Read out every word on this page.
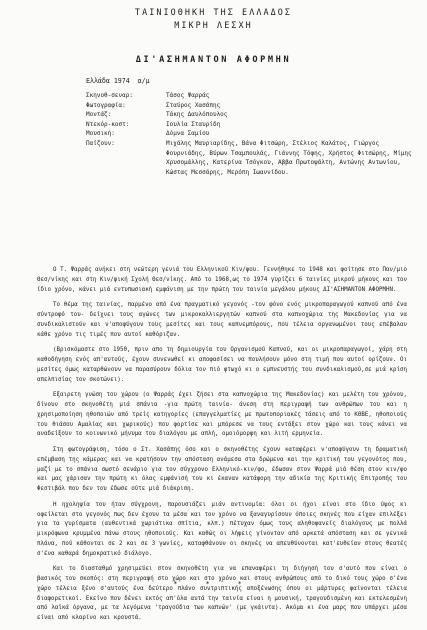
ΤΑΙΝΙΟΘΗΚΗ ΤΗΣ ΕΛΛΑΔΟΣ
ΜΙΚΡΗ ΛΕΣΧΗ
ΔΙ'ΑΣΗΜΑΝΤΟΝ ΑΦΟΡΜΗΝ
Ελλάδα 1974 α/μ
Σκηνοθ-σεναρ:	Τάσος Ψαρράς
Φωτογραφία:	Σταύρος Χασάπης
Μοντάζ:	Τάκης Δαυλόπουλος
Ντεκόρ-κοστ:	Ιουλία Σταυρίδη
Μουσική:	Δόμνα Σαμίου
Παίζουν:	Μιχάλης Μαυριαρίδης, Βάνα Φιτσώρη, Στέλιος Καλάτος, Γιώργος Φουρνιάδης, Βύρων Τσαμπουλάς, Γιάννης Τόφης, Χρήστος Φιτσώρης, Μίμης Χρυσομάλλης, Κατερίνα Τσόγκου, Αββα Πρωτοψάλτη, Αντώνης Αντωνίου, Κώστας Μεσσάρης, Μερόπη Ιωαννίδου.

Ο Τ. Ψαρράς ανήκει στη νεώτερη γενιά του Ελληνικού Κιν/φου. Γεννήθηκε το 1948 και φοίτησε στο Παν/μιο Θεσ/νίκης και στη Κιν/φική Σχολή Θεσ/νίκης. Από το 1968,ως το 1974 γυρίζει 6 ταινίες μικρού μήκους και τον ίδιο χρόνο, κάνει μιά εντυπωσιακή εμφάνιση με την πρώτη του ταινία μεγάλου μήκους ΔΙ'ΑΣΗΜΑΝΤΟΝ ΑΦΟΡΜΗΝ.

Το θέμα της ταινίας, παρμένο από ένα πραγματικό γεγονός -τον φόνο ενός μικροπαραγωγού καπνού από ένα σύντροφό του- δείχνει τους αγώνες των μικροκαλλιεργητών καπνού στα καπνοχώρια της Μακεδονίας για να συνδικαλιστούν και ν'αποφύγουν τους μεσίτες και τους καπνεμπόρους, που τέλεια οργανωμένοι τους επέβαλαν κάθε χρόνο τις τιμές που αυτοί καθόριζαν.

(Βρισκόμαστε στο 1950, πριν απο τη δημιουργία του Οργανισμού Καπνού, και οι μικροπαραγωγοί, χάρη στη καθοδήγηση ενός απ'αυτούς, έχουν συνενωθεί κι αποφασίσει να πουλήσουν μόνο στη τιμή που αυτοί ορίζουν. Οι μεσίτες όμως καταρθώνουν να παρασύρουν δόλια τον πιό φτωχό κι ο εμπνευστής του συνδικαλισμού,σε μιά κρίση απελπισίας τον σκοτώνει).

Εξαιρετη γνώση του χώρου (ο Ψαρράς έχει ζήσει στα καπνοχώρια της Μακεδονίας) και μελέτη του χρόνου, δίνουν στο σκηνοθέτη μιά σπάνια -για πρώτη ταινία- άνεση στη περιγραφή των ανθρώπων του και η χρησιμοποίηση ηθοποιών από τρείς κατηγορίες (επαγγελματίες με πρωτοποριακές τάσεις από το ΚΘΒΕ, ηθοποιούς του θιάσου Αμαλίας και χωρικούς) που φορτίσε και μπόρεσε να τους εντάξει στον χώρο και τους κάνει να αναδείξουν το κοινωνικό μήνυμα του διαλόγου με απλή, ομοιόμορφη και λιτή ερμηνεία.

Στη φωτογράφιση, τόσο ο Στ. Χασάπης όσο και ο σκηνοθέτης έχουν καταφέρει ν'αποφύγουν τη δραματική επέμβαση της κάμερας και να κρατήσουν την απόσταση ανάμεσα στα δρώμενα και την κριτική του γεγονότος που, μαζί με το σπάνια σωστό σενάριο για τον σύγχρονο Ελληνικό-κιν/φο, έδωσαν στον Ψαρρά μιά θέση στον κιν/φο και μας χάρισαν την πρώτη κι όλας εμφάνισή του κι έκαναν κατάφορη την αδικία της Κριτικής Επιτροπής του Φεστιβάλ που δεν του έδωσε ούτε μιά διάκριση.

Η ηχοληψία του ήταν σύγχρονη, παρουσιάζει μιάν αντινομία: όλοι οι ήχοι είναι στο ίδιο ύψος κι οφείλεται στο γεγονός πως δεν έχουν τα μέσα και τον χρόνο να ξαναγυρίσουν όποιες σκηνές που είχαν επιλέξει για τα γυρίσματα (αυθεντικά χωριάτικα σπίτια, κλπ.) πέτυχαν όμως τους αληθοφανείς διαλόγους με πολλά μικρόφωνα κρυμμένα πάνω στους ηθοποιούς. Και καθώς οι λήψεις γίνονταν από αρκετά απόσταση και σε γενικά πλάνα, πού κάθονται σε 2 και σε 3 γωνίες, καταφθάνουν οι σκηνές να απευθύνονται κατ'ευθείαν στους θεατές σ'ένα καθαρά δημοκρατικό διάλογο.

Και το διασταθμό χρησιμεύει στον σκηνοθέτη για να επαναφέρει τη διήγησή του σ'αυτό που είναι ο βασικός του σκοπός: στη περιγραφή στο χώρο και στο χρόνο και στους ανθρώπους από το δικό τους χώρο σ'ένα χώρο τέλεια ξένο σ'αυτούς ένα δεύτερο πλάνο συντριπτικής αποξένωσης όπου οι μάρτυρες φαίνονται τέλεια διαφορετικοί. Εκείνο που δένει εκτός απ'όλα αυτά την ταινία είναι η μουσική, τραγουδισμένη και εκτελεσμένη από λαϊκά όργανα, με τα λεγόμενα 'τραγούδια των καπνών' (με γκάιντα). Ακόμα κι ένα μαρς που υπάρχει μέσα είναι από κλαρίνο και κρουστά.

* * *
